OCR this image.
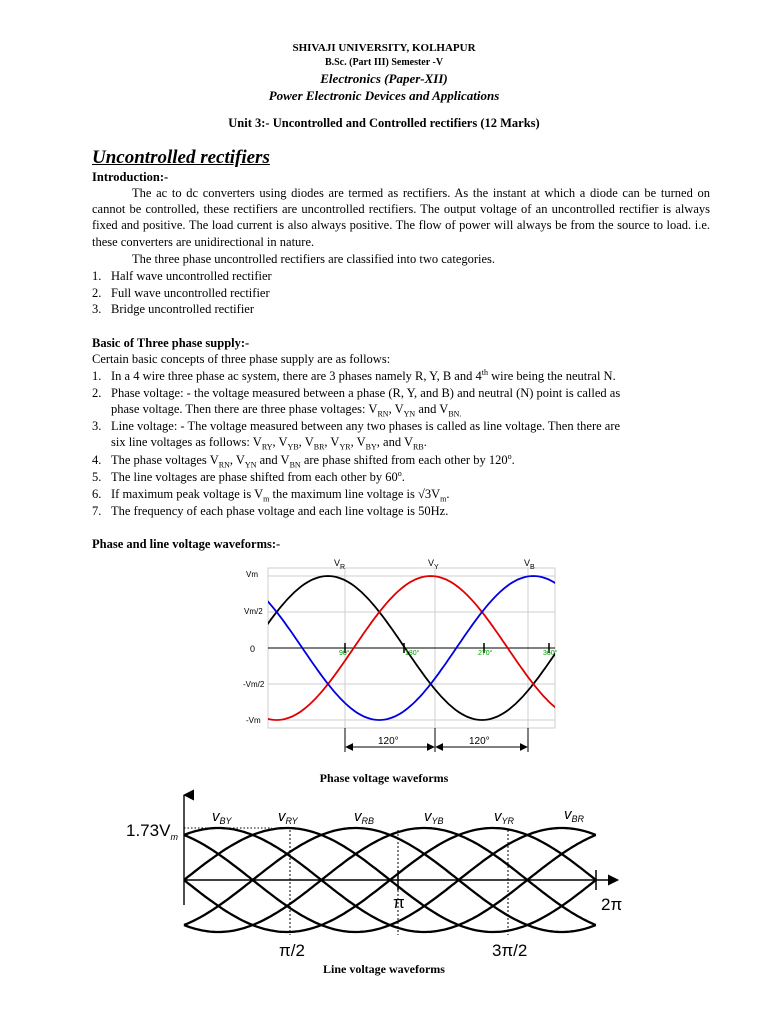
SHIVAJI UNIVERSITY, KOLHAPUR
B.Sc. (Part III) Semester -V
Electronics (Paper-XII)
Power Electronic Devices and Applications
Unit 3:- Uncontrolled and Controlled rectifiers (12 Marks)
Uncontrolled rectifiers
Introduction:-
The ac to dc converters using diodes are termed as rectifiers. As the instant at which a diode can be turned on cannot be controlled, these rectifiers are uncontrolled rectifiers. The output voltage of an uncontrolled rectifier is always fixed and positive. The load current is also always positive. The flow of power will always be from the source to load. i.e. these converters are unidirectional in nature.
The three phase uncontrolled rectifiers are classified into two categories.
1. Half wave uncontrolled rectifier
2. Full wave uncontrolled rectifier
3. Bridge uncontrolled rectifier
Basic of Three phase supply:-
Certain basic concepts of three phase supply are as follows:
1. In a 4 wire three phase ac system, there are 3 phases namely R, Y, B and 4th wire being the neutral N.
2. Phase voltage: - the voltage measured between a phase (R, Y, and B) and neutral (N) point is called as
phase voltage. Then there are three phase voltages: $V_{RN}$, $V_{YN}$ and $V_{BN.}$
3. Line voltage: - The voltage measured between any two phases is called as line voltage. Then there are
six line voltages as follows: $V_{RY}$, $V_{YB}$, $V_{BR}$, $V_{YR}$, $V_{BY}$, and $V_{RB}$.
4. The phase voltages $V_{RN}$, $V_{YN}$ and $V_{BN}$ are phase shifted from each other by 120$^o$.
5. The line voltages are phase shifted from each other by 60$^o$.
6. If maximum peak voltage is $V_m$ the maximum line voltage is $√3V_m$.
7. The frequency of each phase voltage and each line voltage is 50Hz.
Phase and line voltage waveforms:-
Vm
Vm/2
0
-Vm/2
-Vm
$V_R$	$V_Y$	$V_B$
90°	180°	270°	360°
120°	120°
$1.73V_m$
$v_{BY}$	$v_{RY}$	$v_{RB}$	$v_{YB}$	$v_{YR}$	$v_{BR}$
π	2π
π/2	3π/2
Phase voltage waveforms
Line voltage waveforms
